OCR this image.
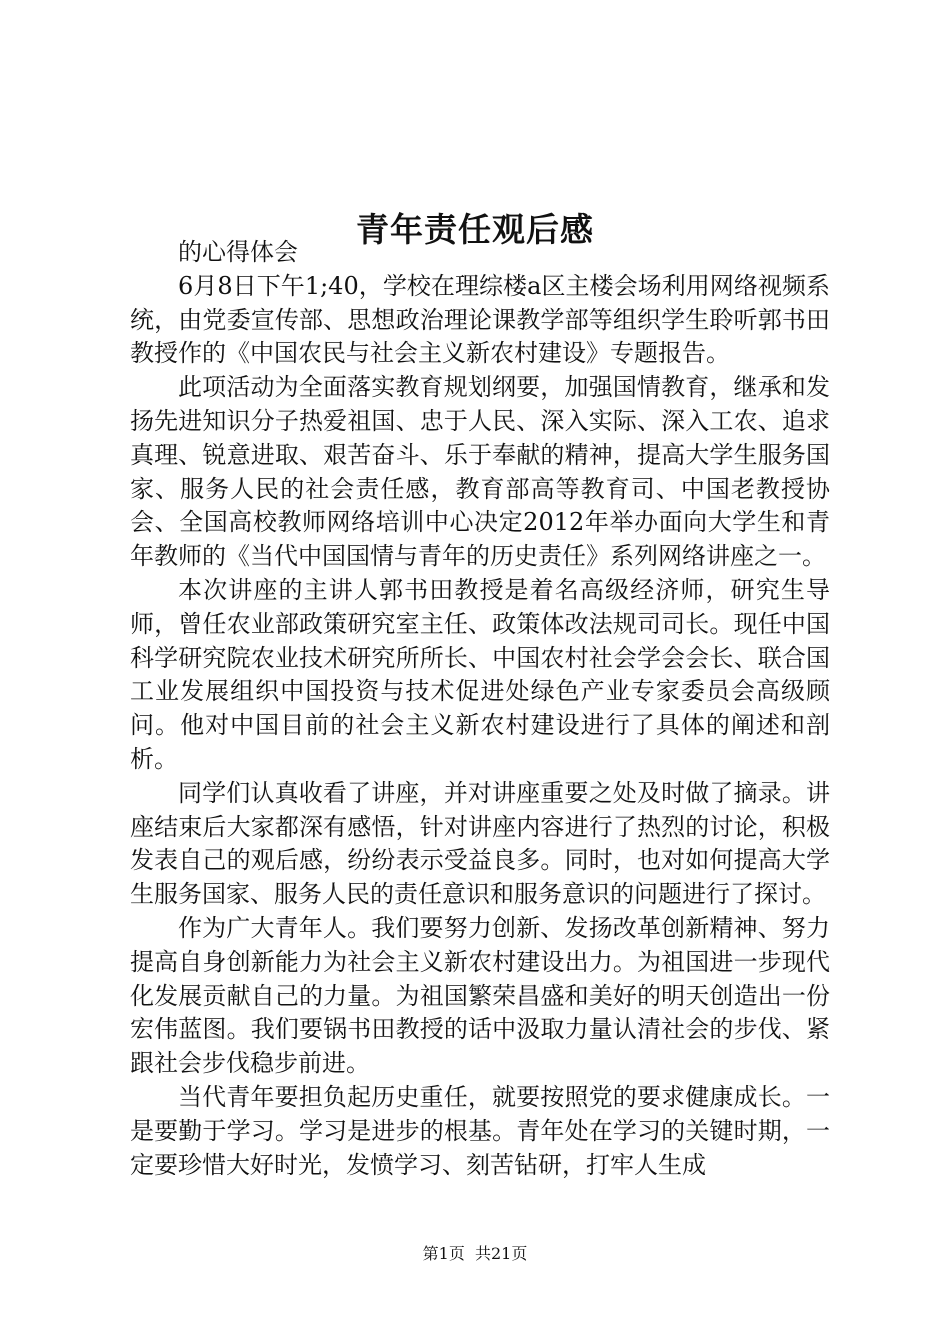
青年责任观后感

的心得体会

6月8日下午1;40，学校在理综楼a区主楼会场利用网络视频系统，由党委宣传部、思想政治理论课教学部等组织学生聆听郭书田教授作的《中国农民与社会主义新农村建设》专题报告。

此项活动为全面落实教育规划纲要，加强国情教育，继承和发扬先进知识分子热爱祖国、忠于人民、深入实际、深入工农、追求真理、锐意进取、艰苦奋斗、乐于奉献的精神，提高大学生服务国家、服务人民的社会责任感，教育部高等教育司、中国老教授协会、全国高校教师网络培训中心决定2012年举办面向大学生和青年教师的《当代中国国情与青年的历史责任》系列网络讲座之一。

本次讲座的主讲人郭书田教授是着名高级经济师，研究生导师，曾任农业部政策研究室主任、政策体改法规司司长。现任中国科学研究院农业技术研究所所长、中国农村社会学会会长、联合国工业发展组织中国投资与技术促进处绿色产业专家委员会高级顾问。他对中国目前的社会主义新农村建设进行了具体的阐述和剖析。

同学们认真收看了讲座，并对讲座重要之处及时做了摘录。讲座结束后大家都深有感悟，针对讲座内容进行了热烈的讨论，积极发表自己的观后感，纷纷表示受益良多。同时，也对如何提高大学生服务国家、服务人民的责任意识和服务意识的问题进行了探讨。

作为广大青年人。我们要努力创新、发扬改革创新精神、努力提高自身创新能力为社会主义新农村建设出力。为祖国进一步现代化发展贡献自己的力量。为祖国繁荣昌盛和美好的明天创造出一份宏伟蓝图。我们要锅书田教授的话中汲取力量认清社会的步伐、紧跟社会步伐稳步前进。

当代青年要担负起历史重任，就要按照党的要求健康成长。一是要勤于学习。学习是进步的根基。青年处在学习的关键时期，一定要珍惜大好时光，发愤学习、刻苦钻研，打牢人生成

第1页  共21页
